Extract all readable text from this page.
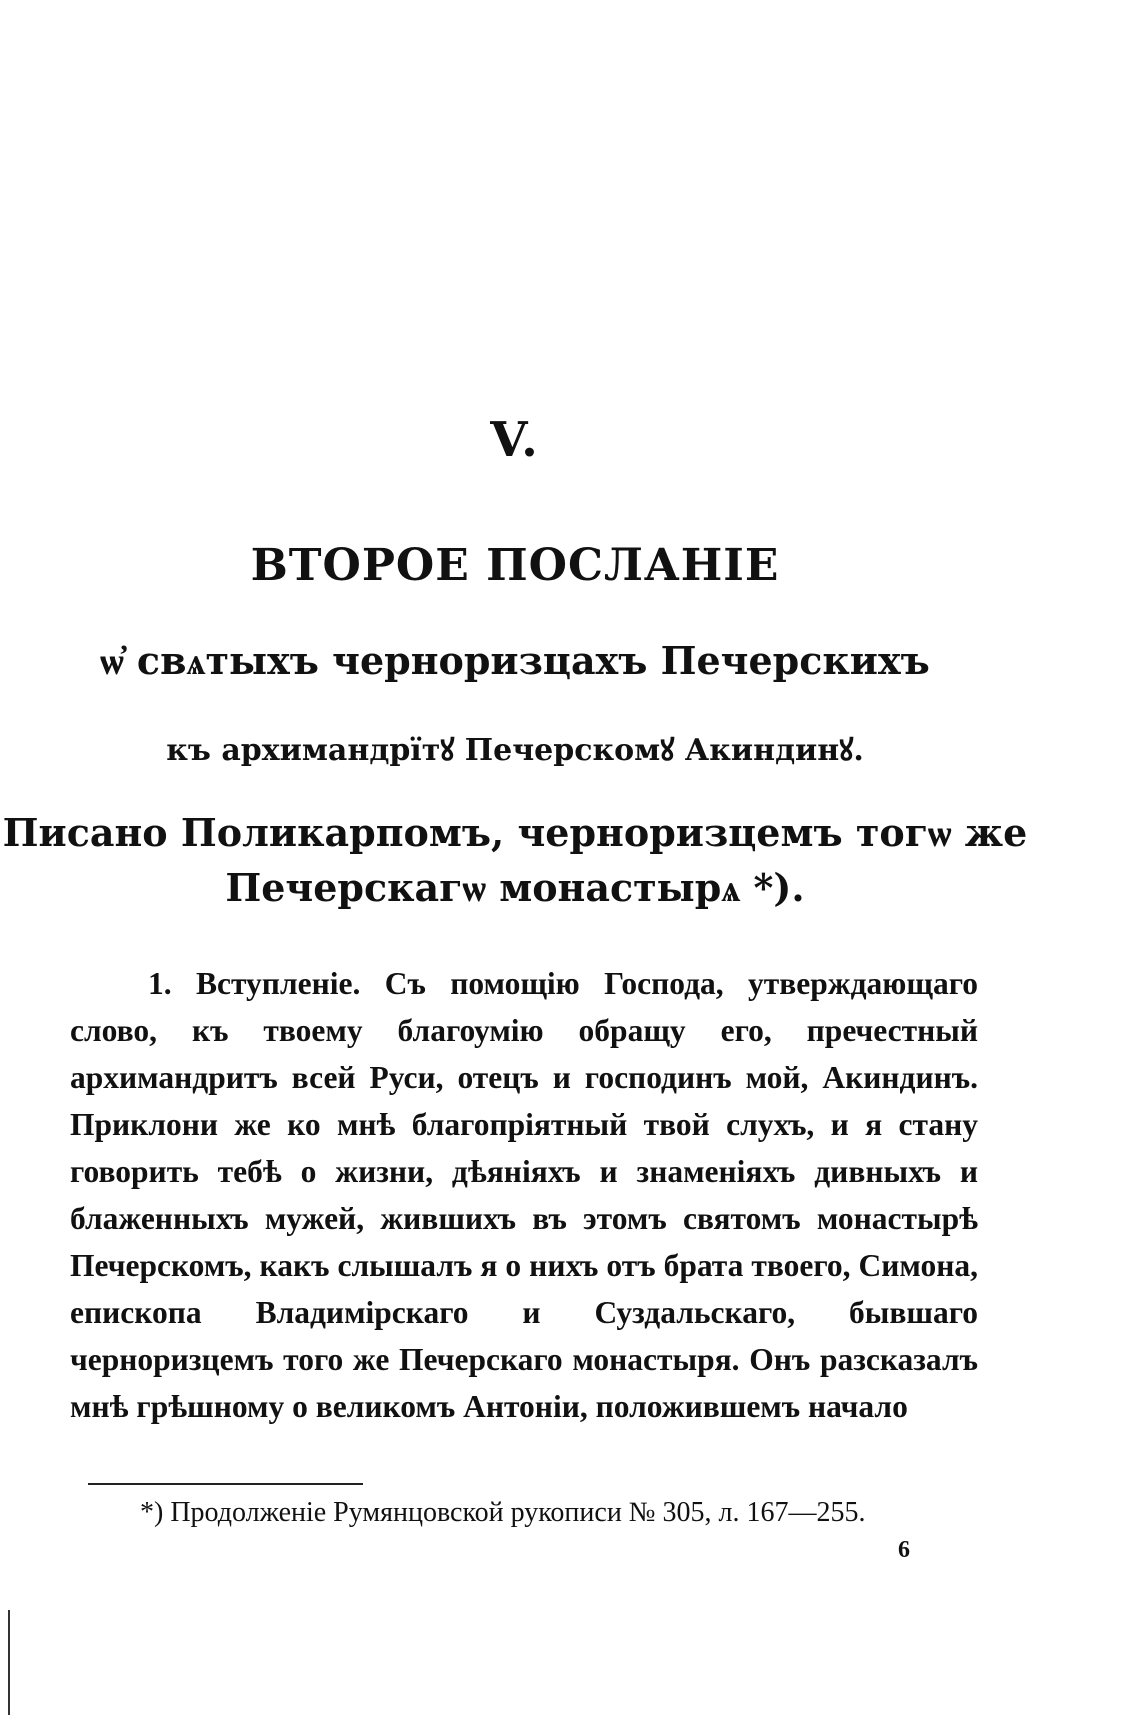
V.
ВТОРОЕ ПОСЛАНІЕ
ѡ҆ свѧтыхъ черноризцахъ Печерскихъ
къ архимандрїтꙋ Печерскомꙋ Акиндинꙋ.
Писано Поликарпомъ, черноризцемъ тогѡ же
Печерскагѡ монастырѧ *).

1. Вступленіе. Съ помощію Господа, утверждающаго слово, къ твоему благоумію обращу его, пречестный архимандритъ всей Руси, отецъ и господинъ мой, Акиндинъ. Приклони же ко мнѣ благопріятный твой слухъ, и я стану говорить тебѣ о жизни, дѣяніяхъ и знаменіяхъ дивныхъ и блаженныхъ мужей, жившихъ въ этомъ святомъ монастырѣ Печерскомъ, какъ слышалъ я о нихъ отъ брата твоего, Симона, епископа Владимірскаго и Суздальскаго, бывшаго черноризцемъ того же Печерскаго монастыря. Онъ разсказалъ мнѣ грѣшному о великомъ Антоніи, положившемъ начало

*) Продолженіе Румянцовской рукописи № 305, л. 167—255.
6
